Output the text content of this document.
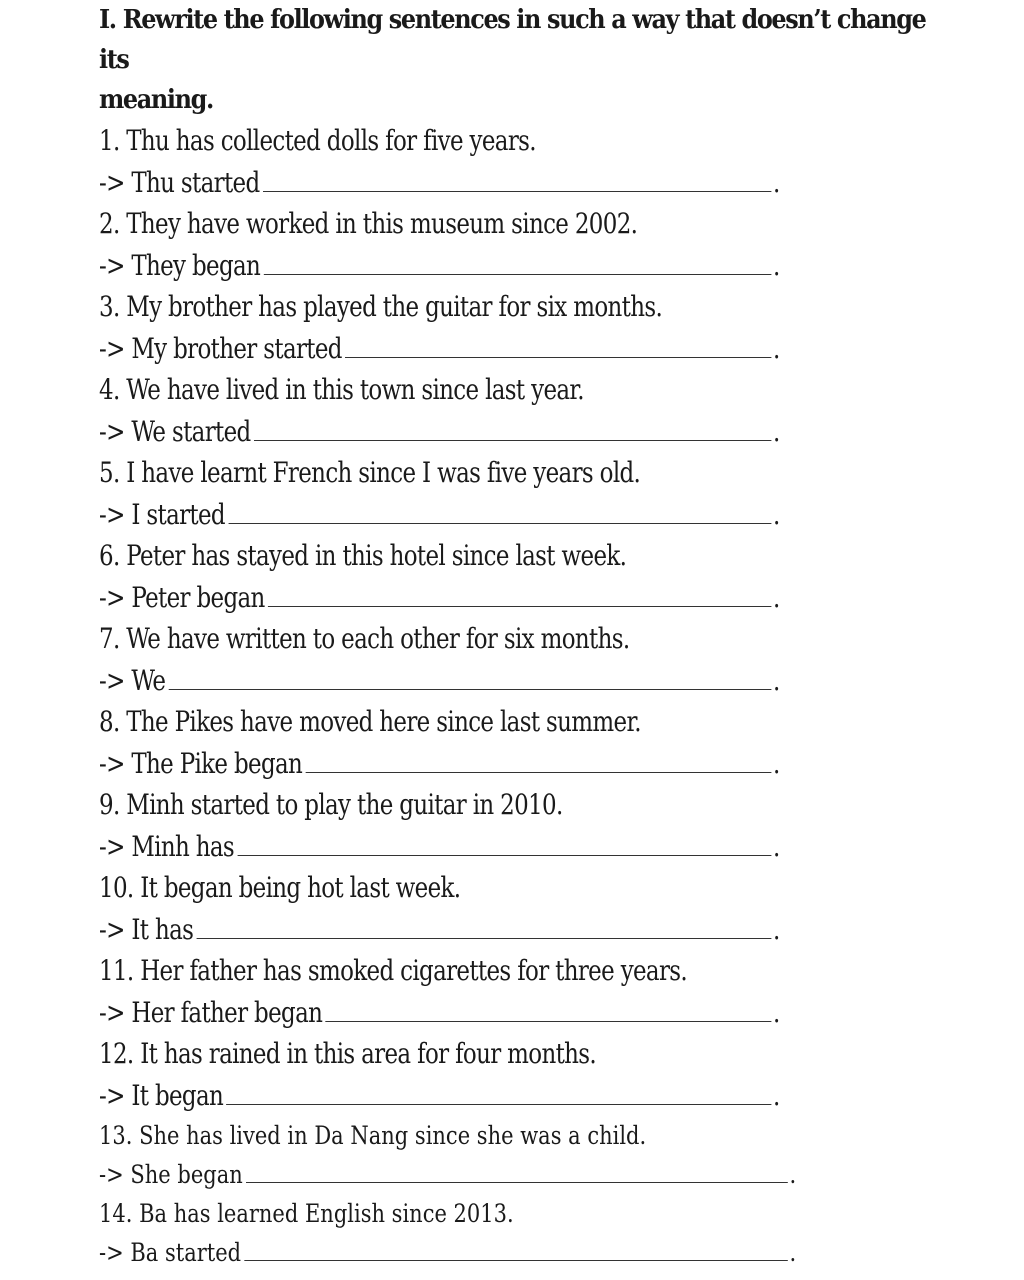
I. Rewrite the following sentences in such a way that doesn’t change its
meaning.
1. Thu has collected dolls for five years.
-> Thu started	.
2. They have worked in this museum since 2002.
-> They began	.
3. My brother has played the guitar for six months.
-> My brother started	.
4. We have lived in this town since last year.
-> We started	.
5. I have learnt French since I was five years old.
-> I started	.
6. Peter has stayed in this hotel since last week.
-> Peter began	.
7. We have written to each other for six months.
-> We	.
8. The Pikes have moved here since last summer.
-> The Pike began	.
9. Minh started to play the guitar in 2010.
-> Minh has	.
10. It began being hot last week.
-> It has	.
11. Her father has smoked cigarettes for three years.
-> Her father began	.
12. It has rained in this area for four months.
-> It began	.
13. She has lived in Da Nang since she was a child.
-> She began	.
14. Ba has learned English since 2013.
-> Ba started	.
